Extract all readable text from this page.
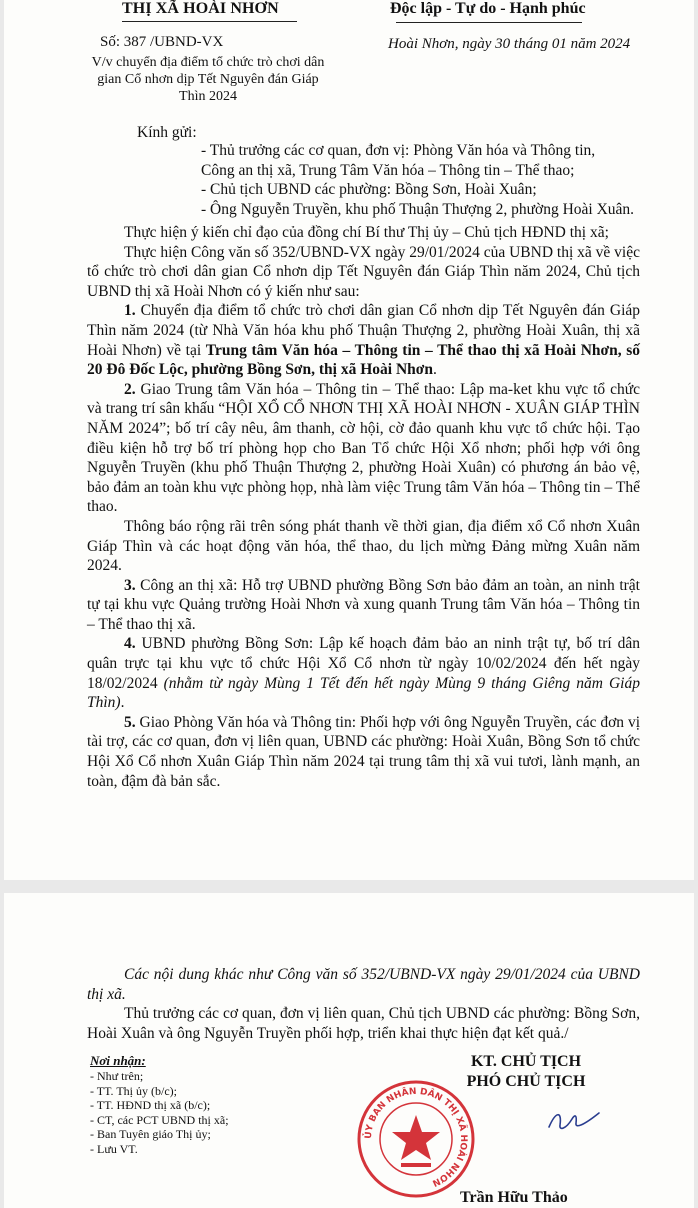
THỊ XÃ HOÀI NHƠN	Độc lập - Tự do - Hạnh phúc
Số: 387 /UBND-VX	Hoài Nhơn, ngày 30 tháng 01 năm 2024
V/v chuyển địa điểm tổ chức trò chơi dân gian Cổ nhơn dịp Tết Nguyên đán Giáp Thìn 2024
Kính gửi:
- Thủ trưởng các cơ quan, đơn vị: Phòng Văn hóa và Thông tin,
Công an thị xã, Trung Tâm Văn hóa – Thông tin – Thể thao;
- Chủ tịch UBND các phường: Bồng Sơn, Hoài Xuân;
- Ông Nguyễn Truyền, khu phố Thuận Thượng 2, phường Hoài Xuân.

Thực hiện ý kiến chỉ đạo của đồng chí Bí thư Thị ủy – Chủ tịch HĐND thị xã;

Thực hiện Công văn số 352/UBND-VX ngày 29/01/2024 của UBND thị xã về việc tổ chức trò chơi dân gian Cổ nhơn dịp Tết Nguyên đán Giáp Thìn năm 2024, Chủ tịch UBND thị xã Hoài Nhơn có ý kiến như sau:

1. Chuyển địa điểm tổ chức trò chơi dân gian Cổ nhơn dịp Tết Nguyên đán Giáp Thìn năm 2024 (từ Nhà Văn hóa khu phố Thuận Thượng 2, phường Hoài Xuân, thị xã Hoài Nhơn) về tại Trung tâm Văn hóa – Thông tin – Thể thao thị xã Hoài Nhơn, số 20 Đô Đốc Lộc, phường Bồng Sơn, thị xã Hoài Nhơn.

2. Giao Trung tâm Văn hóa – Thông tin – Thể thao: Lập ma-ket khu vực tổ chức và trang trí sân khấu “HỘI XỔ CỔ NHƠN THỊ XÃ HOÀI NHƠN - XUÂN GIÁP THÌN NĂM 2024”; bố trí cây nêu, âm thanh, cờ hội, cờ đảo quanh khu vực tổ chức hội. Tạo điều kiện hỗ trợ bố trí phòng họp cho Ban Tổ chức Hội Xổ nhơn; phối hợp với ông Nguyễn Truyền (khu phố Thuận Thượng 2, phường Hoài Xuân) có phương án bảo vệ, bảo đảm an toàn khu vực phòng họp, nhà làm việc Trung tâm Văn hóa – Thông tin – Thể thao.

Thông báo rộng rãi trên sóng phát thanh về thời gian, địa điểm xổ Cổ nhơn Xuân Giáp Thìn và các hoạt động văn hóa, thể thao, du lịch mừng Đảng mừng Xuân năm 2024.

3. Công an thị xã: Hỗ trợ UBND phường Bồng Sơn bảo đảm an toàn, an ninh trật tự tại khu vực Quảng trường Hoài Nhơn và xung quanh Trung tâm Văn hóa – Thông tin – Thể thao thị xã.

4. UBND phường Bồng Sơn: Lập kế hoạch đảm bảo an ninh trật tự, bố trí dân quân trực tại khu vực tổ chức Hội Xổ Cổ nhơn từ ngày 10/02/2024 đến hết ngày 18/02/2024 (nhằm từ ngày Mùng 1 Tết đến hết ngày Mùng 9 tháng Giêng năm Giáp Thìn).

5. Giao Phòng Văn hóa và Thông tin: Phối hợp với ông Nguyễn Truyền, các đơn vị tài trợ, các cơ quan, đơn vị liên quan, UBND các phường: Hoài Xuân, Bồng Sơn tổ chức Hội Xổ Cổ nhơn Xuân Giáp Thìn năm 2024 tại trung tâm thị xã vui tươi, lành mạnh, an toàn, đậm đà bản sắc.

Các nội dung khác như Công văn số 352/UBND-VX ngày 29/01/2024 của UBND thị xã.

Thủ trưởng các cơ quan, đơn vị liên quan, Chủ tịch UBND các phường: Bồng Sơn, Hoài Xuân và ông Nguyễn Truyền phối hợp, triển khai thực hiện đạt kết quả./

Nơi nhận:
- Như trên;
- TT. Thị ủy (b/c);
- TT. HĐND thị xã (b/c);
- CT, các PCT UBND thị xã;
- Ban Tuyên giáo Thị ủy;
- Lưu VT.
KT. CHỦ TỊCH
PHÓ CHỦ TỊCH
ỦY BAN NHÂN DÂN THỊ XÃ HOÀI NHƠN
Trần Hữu Thảo
